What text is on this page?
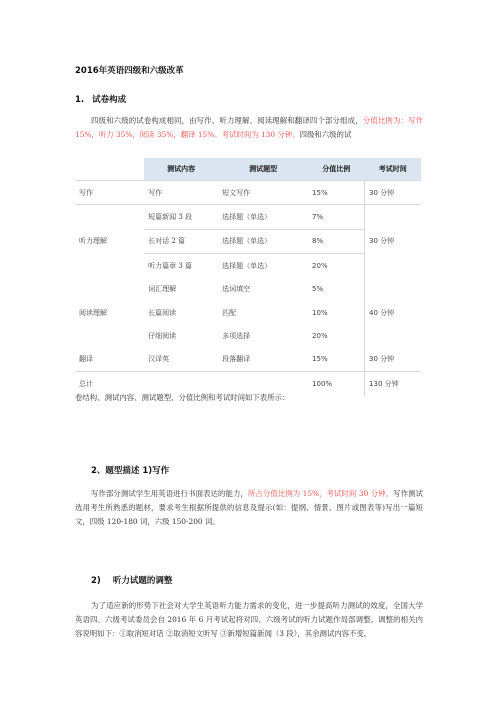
2016年英语四级和六级改革
1. 试卷构成
四级和六级的试卷构成相同，由写作、听力理解、阅读理解和翻译四个部分组成，分值比例为：写作 15%，听力 35%，阅读 35%，翻译 15%。考试时间为 130 分钟。四级和六级的试
	测试内容	测试题型	分值比例	考试时间
写作	写作	短文写作	15%	30 分钟
	短篇新闻 3 段	选择题（单选）	7%	30 分钟
听力理解	长对话 2 篇	选择题（单选）	8%	
	听力篇章 3 篇	选择题（单选）	20%	
	词汇理解	选词填空	5%	
阅读理解	长篇阅读	匹配	10%	40 分钟
	仔细阅读	多项选择	20%	
翻译	汉译英	段落翻译	15%	30 分钟
总计			100%	130 分钟
卷结构、测试内容、测试题型、分值比例和考试时间如下表所示：
2、题型描述 1)写作
写作部分测试学生用英语进行书面表达的能力，所占分值比例为 15%，考试时间 30 分钟。写作测试选用考生所熟悉的题材，要求考生根据所提供的信息及提示(如：提纲、情景、图片或图表等)写出一篇短文，四级 120-180 词，六级 150-200 词。
2) 听力试题的调整
为了适应新的形势下社会对大学生英语听力能力需求的变化，进一步提高听力测试的效度，全国大学英语四、六级考试委员会自 2016 年 6 月考试起将对四、六级考试的听力试题作局部调整。调整的相关内容说明如下：①取消短对话 ②取消短文听写 ③新增短篇新闻（3 段），其余测试内容不变。
